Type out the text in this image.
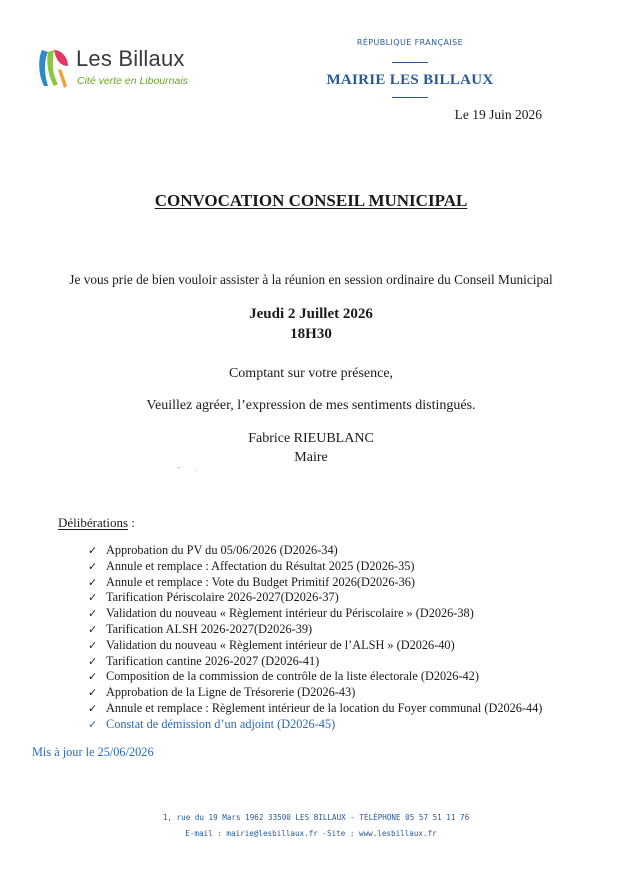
Les Billaux
Cité verte en Libournais
RÉPUBLIQUE FRANÇAISE
MAIRIE LES BILLAUX
Le 19 Juin 2026
CONVOCATION CONSEIL MUNICIPAL
Je vous prie de bien vouloir assister à la réunion en session ordinaire du Conseil Municipal
Jeudi 2 Juillet 2026
18H30
Comptant sur votre présence,
Veuillez agréer, l’expression de mes sentiments distingués.
Fabrice RIEUBLANC
Maire
Délibérations :
✓ Approbation du PV du 05/06/2026 (D2026-34)
✓ Annule et remplace : Affectation du Résultat 2025 (D2026-35)
✓ Annule et remplace : Vote du Budget Primitif 2026(D2026-36)
✓ Tarification Périscolaire 2026-2027(D2026-37)
✓ Validation du nouveau « Règlement intérieur du Périscolaire » (D2026-38)
✓ Tarification ALSH 2026-2027(D2026-39)
✓ Validation du nouveau « Règlement intérieur de l’ALSH » (D2026-40)
✓ Tarification cantine 2026-2027 (D2026-41)
✓ Composition de la commission de contrôle de la liste électorale (D2026-42)
✓ Approbation de la Ligne de Trésorerie (D2026-43)
✓ Annule et remplace : Règlement intérieur de la location du Foyer communal (D2026-44)
✓ Constat de démission d’un adjoint (D2026-45)
Mis à jour le 25/06/2026
1, rue du 19 Mars 1962 33500 LES BILLAUX - TÉLÉPHONE 05 57 51 11 76
E-mail : mairie@lesbillaux.fr -Site : www.lesbillaux.fr
